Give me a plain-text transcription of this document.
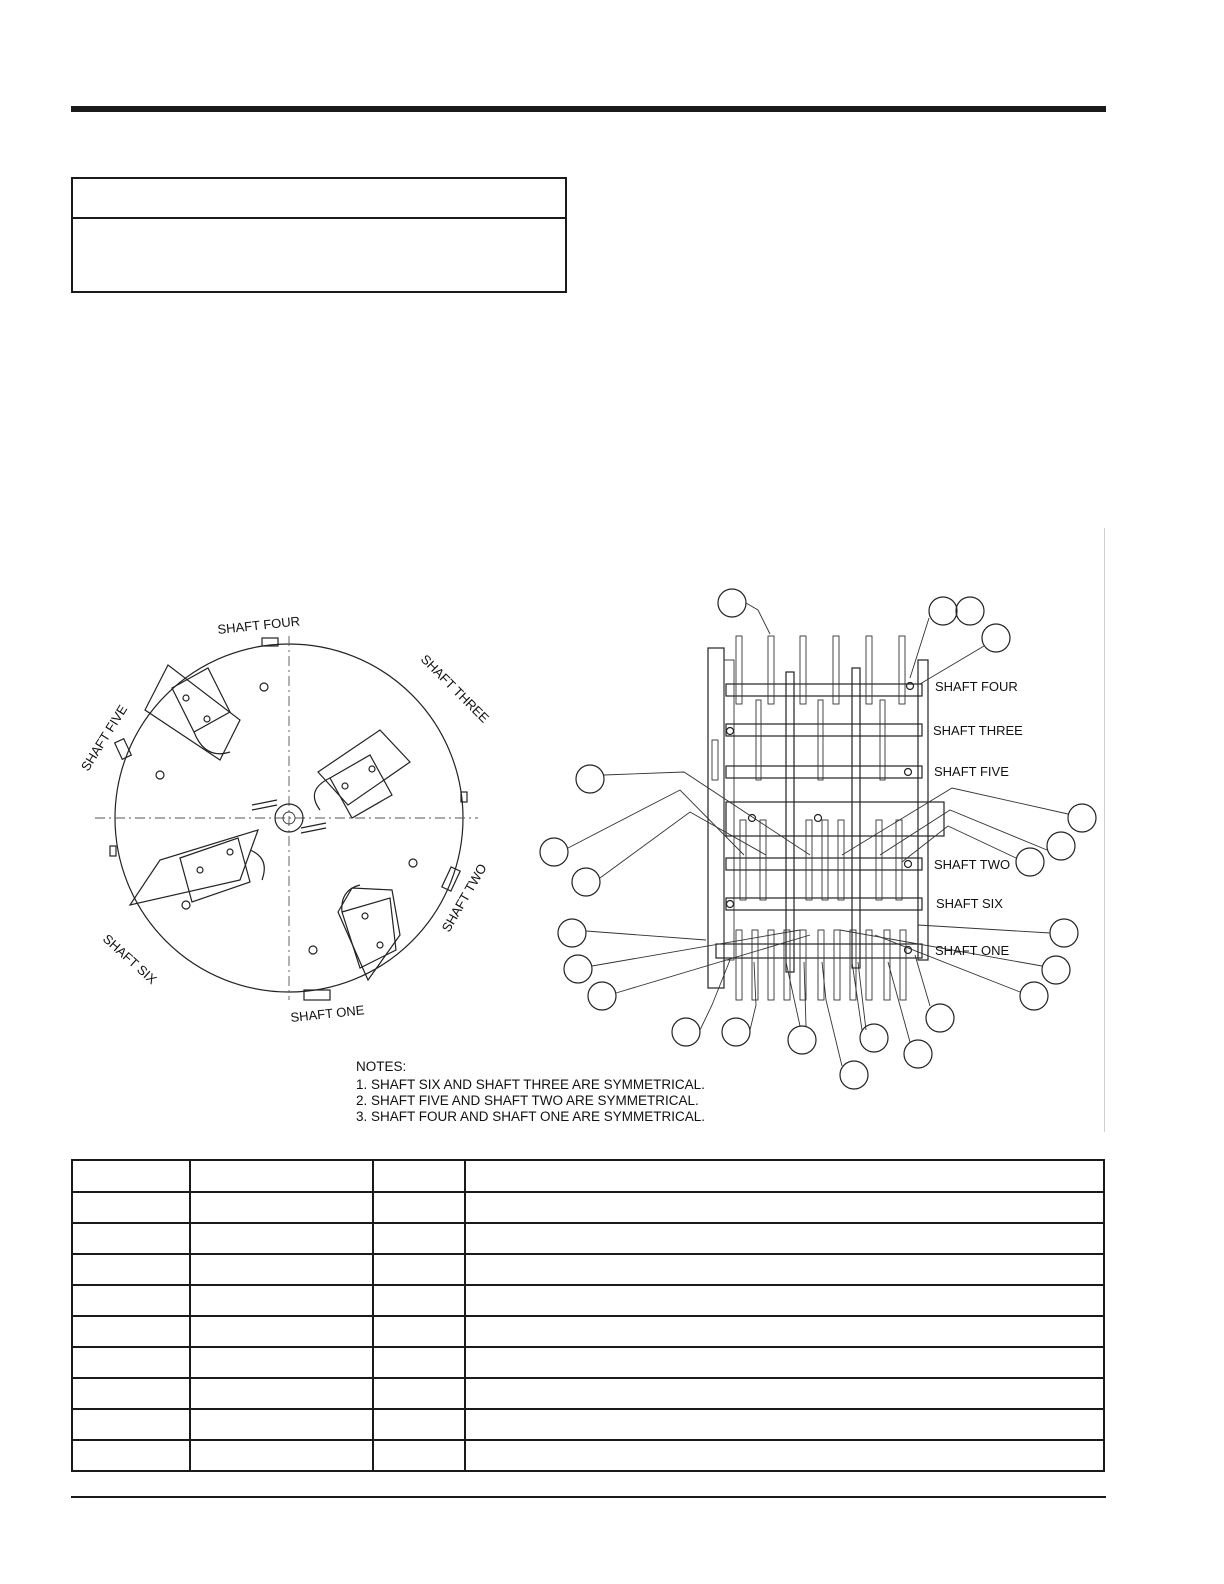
SHAFT FOUR
SHAFT THREE
SHAFT FIVE
SHAFT TWO
SHAFT SIX
SHAFT ONE
SHAFT FOUR
SHAFT THREE
SHAFT FIVE
SHAFT TWO
SHAFT SIX
SHAFT ONE
NOTES:
1. SHAFT SIX AND SHAFT THREE ARE SYMMETRICAL.
2. SHAFT FIVE AND SHAFT TWO ARE SYMMETRICAL.
3. SHAFT FOUR AND SHAFT ONE ARE SYMMETRICAL.
